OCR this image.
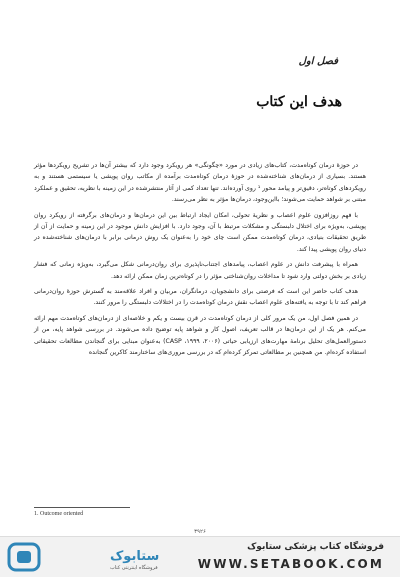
فصل اول
هدف این کتاب

در حوزهٔ درمان کوتاه‌مدت، کتاب‌های زیادی در مورد «چگونگی» هر رویکرد وجود دارد که بیشتر آن‌ها در تشریح رویکردها مؤثر هستند. بسیاری از درمان‌های شناخته‌شده در حوزهٔ درمان کوتاه‌مدت برآمده از مکاتب روان پویشی یا سیستمی هستند و به رویکردهای کوتاه‌تر، دقیق‌تر و پیامد محور ¹ روی آورده‌اند. تنها تعداد کمی از آثار منتشرشده در این زمینه با نظریه، تحقیق و عملکرد مبتنی بر شواهد حمایت می‌شوند؛ بااین‌وجود، درمان‌ها مؤثر به نظر می‌رسند.

با فهم روزافزون علوم اعصاب و نظریهٔ تحولی، امکان ایجاد ارتباط بین این درمان‌ها و درمان‌های برگرفته از رویکرد روان پویشی، به‌ویژه برای اختلال دلبستگی و مشکلات مرتبط با آن، وجود دارد. با افزایش دانش موجود در این زمینه و حمایت از آن از طریق تحقیقات بنیادی، درمان کوتاه‌مدت ممکن است چای خود را به‌عنوان یک روش درمانی برابر با درمان‌های شناخته‌شده در دنیای روان پویشی پیدا کند.

همراه با پیشرفت دانش در علوم اعصاب، پیامدهای اجتناب‌ناپذیری برای روان‌درمانی شکل می‌گیرد، به‌ویژه زمانی که فشار زیادی بر بخش دولتی وارد شود تا مداخلات روان‌شناختی مؤثر را در کوتاه‌ترین زمان ممکن ارائه دهد.

هدف کتاب حاضر این است که فرصتی برای دانشجویان، درمانگران، مربیان و افراد علاقه‌مند به گسترش حوزهٔ روان‌درمانی فراهم کند تا با توجه به یافته‌های علوم اعصاب نقش درمان کوتاه‌مدت را در اختلالات دلبستگی را مرور کنند.

در همین فصل اول، من یک مرور کلی از درمان کوتاه‌مدت در قرن بیست و یکم و خلاصه‌ای از درمان‌های کوتاه‌مدت مهم ارائه می‌کنم. هر یک از این درمان‌ها در قالب تعریف، اصول کار و شواهد پایه توضیح داده می‌شوند. در بررسی شواهد پایه، من از دستورالعمل‌های تحلیل برنامهٔ مهارت‌های ارزیابی حیاتی (۲۰۰۶، ۱۹۹۹، CASP) به‌عنوان مبنایی برای گنجاندن مطالعات تحقیقاتی استفاده کرده‌ام. من همچنین بر مطالعاتی تمرکز کرده‌ام که در بررسی مروری‌های ساختارمند کاکرین گنجانده

1. Outcome oriented
۳۹۲۶
ستابوک
فروشگاه اینترنتی کتاب
فروشگاه کتاب پزشکی ستابوک
WWW.SETABOOK.COM
